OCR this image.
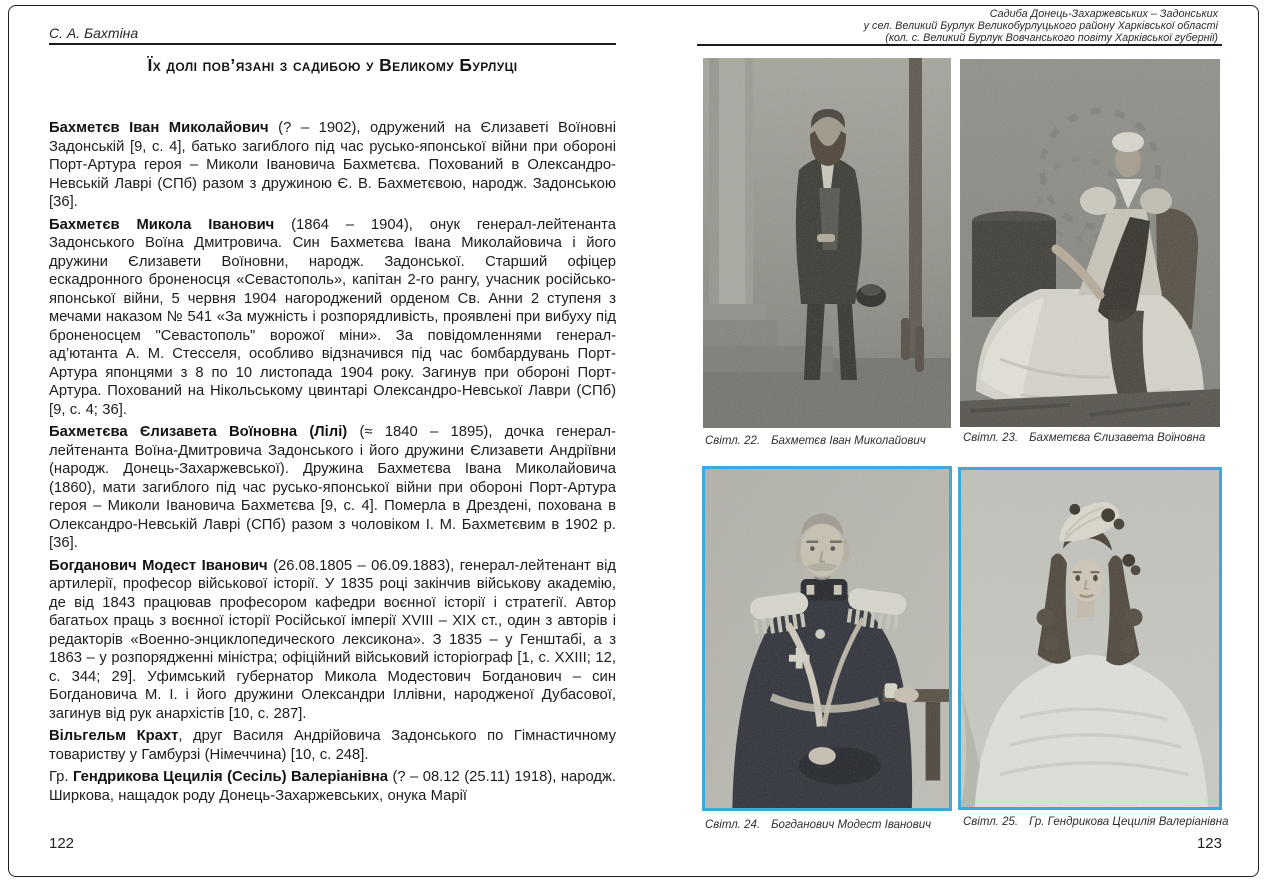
С. А. Бахтіна
Їх долі пов’язані з садибою у Великому Бурлуці

Бахметєв Іван Миколайович (? – 1902), одружений на Єлизаветі Воїновні Задонській [9, с. 4], батько загиблого під час русько-японської війни при обороні Порт-Артура героя – Миколи Івановича Бахметєва. Похований в Олександро-Невській Лаврі (СПб) разом з дружиною Є. В. Бахметєвою, народж. Задонською [36].

Бахметєв Микола Іванович (1864 – 1904), онук генерал-лейтенанта Задонського Воїна Дмитровича. Син Бахметєва Івана Миколайовича і його дружини Єлизавети Воїновни, народж. Задонської. Старший офіцер ескадронного броненосця «Севастополь», капітан 2-го рангу, учасник російсько-японської війни, 5 червня 1904 нагороджений орденом Св. Анни 2 ступеня з мечами наказом № 541 «За мужність і розпорядливість, проявлені при вибуху під броненосцем "Севастополь" ворожої міни». За повідомленнями генерал-ад’ютанта А. М. Стесселя, особливо відзначився під час бомбардувань Порт-Артура японцями з 8 по 10 листопада 1904 року. Загинув при обороні Порт-Артура. Похований на Нікольському цвинтарі Олександро-Невської Лаври (СПб) [9, с. 4; 36].

Бахметєва Єлизавета Воїновна (Лілі) (≈ 1840 – 1895), дочка генерал-лейтенанта Воїна-Дмитровича Задонського і його дружини Єлизавети Андріївни (народж. Донець-Захаржевської). Дружина Бахметєва Івана Миколайовича (1860), мати загиблого під час русько-японської війни при обороні Порт-Артура героя – Миколи Івановича Бахметєва [9, с. 4]. Померла в Дрездені, похована в Олександро-Невській Лаврі (СПб) разом з чоловіком І. М. Бахметєвим в 1902 р. [36].

Богданович Модест Іванович (26.08.1805 – 06.09.1883), генерал-лейтенант від артилерії, професор військової історії. У 1835 році закінчив військову академію, де від 1843 працював професором кафедри воєнної історії і стратегії. Автор багатьох праць з воєнної історії Російської імперії XVIII – XIX ст., один з авторів і редакторів «Военно-энциклопедического лексикона». З 1835 – у Генштабі, а з 1863 – у розпорядженні міністра; офіційний військовий історіограф [1, с. XXIII; 12, с. 344; 29]. Уфимський губернатор Микола Модестович Богданович – син Богдановича М. І. і його дружини Олександри Іллівни, народженої Дубасової, загинув від рук анархістів [10, с. 287].

Вільгельм Крахт, друг Василя Андрійовича Задонського по Гімнастичному товариству у Гамбурзі (Німеччина) [10, с. 248].

Гр. Гендрикова Цецилія (Сесіль) Валеріанівна (? – 08.12 (25.11) 1918), народж. Ширкова, нащадок роду Донець-Захаржевських, онука Марії

122
Садиба Донець-Захаржевських – Задонських
у сел. Великий Бурлук Великобурлуцького району Харківської області
(кол. с. Великий Бурлук Вовчанського повіту Харківської губернії)
Світл. 22. Бахметєв Іван Миколайович	Світл. 23. Бахметєва Єлизавета Воїновна
Світл. 24. Богданович Модест Іванович	Світл. 25. Гр. Гендрикова Цецилія Валеріанівна
123
